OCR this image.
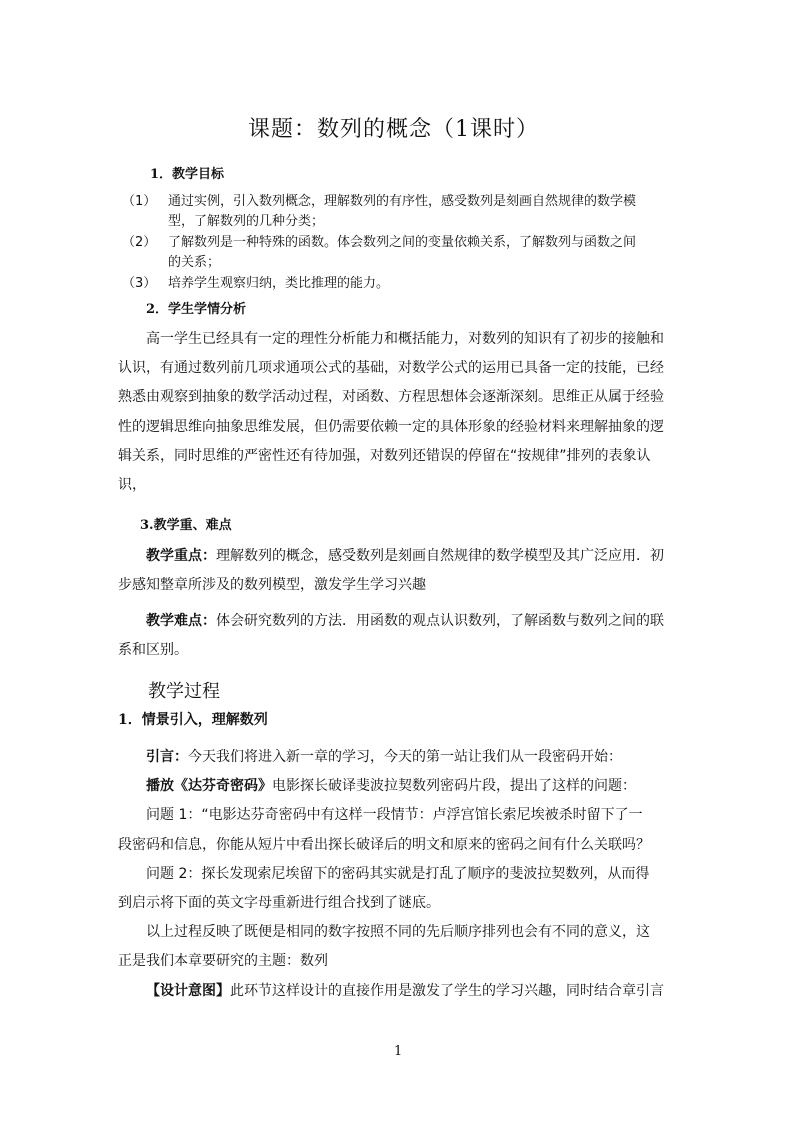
课题：数列的概念（1课时）
1．教学目标
（1） 通过实例，引入数列概念，理解数列的有序性，感受数列是刻画自然规律的数学模
型，了解数列的几种分类；
（2） 了解数列是一种特殊的函数。体会数列之间的变量依赖关系，了解数列与函数之间
的关系；
（3） 培养学生观察归纳，类比推理的能力。
2．学生学情分析

高一学生已经具有一定的理性分析能力和概括能力，对数列的知识有了初步的接触和

认识，有通过数列前几项求通项公式的基础，对数学公式的运用已具备一定的技能，已经

熟悉由观察到抽象的数学活动过程，对函数、方程思想体会逐渐深刻。思维正从属于经验

性的逻辑思维向抽象思维发展，但仍需要依赖一定的具体形象的经验材料来理解抽象的逻

辑关系，同时思维的严密性还有待加强，对数列还错误的停留在“按规律”排列的表象认

识，

3.教学重、难点

教学重点：理解数列的概念，感受数列是刻画自然规律的数学模型及其广泛应用．初

步感知整章所涉及的数列模型，激发学生学习兴趣

教学难点：体会研究数列的方法．用函数的观点认识数列，了解函数与数列之间的联

系和区别。

教学过程
1．情景引入，理解数列

引言：今天我们将进入新一章的学习，今天的第一站让我们从一段密码开始：

播放《达芬奇密码》电影探长破译斐波拉契数列密码片段，提出了这样的问题：

问题 1：“电影达芬奇密码中有这样一段情节：卢浮宫馆长索尼埃被杀时留下了一

段密码和信息，你能从短片中看出探长破译后的明文和原来的密码之间有什么关联吗？

问题 2：探长发现索尼埃留下的密码其实就是打乱了顺序的斐波拉契数列，从而得

到启示将下面的英文字母重新进行组合找到了谜底。

以上过程反映了既便是相同的数字按照不同的先后顺序排列也会有不同的意义，这

正是我们本章要研究的主题：数列

【设计意图】此环节这样设计的直接作用是激发了学生的学习兴趣，同时结合章引言

1
